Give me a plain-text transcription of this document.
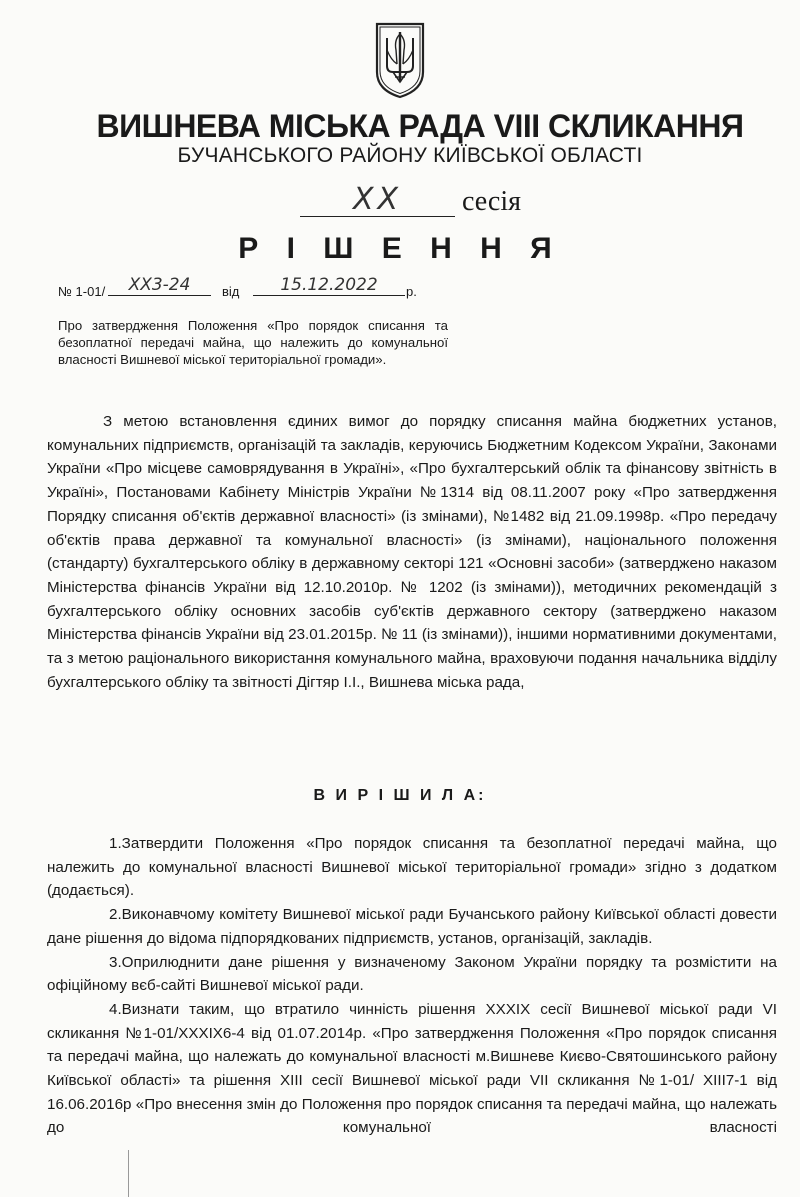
ВИШНЕВА МІСЬКА РАДА VIII СКЛИКАННЯ
БУЧАНСЬКОГО РАЙОНУ КИЇВСЬКОЇ ОБЛАСТІ
XX	сесія
Р І Ш Е Н Н Я
№ 1-01/	XX3-24	від	15.12.2022	р.
Про затвердження Положення «Про порядок списання та безоплатної передачі майна, що належить до комунальної власності Вишневої міської територіальної громади».

З метою встановлення єдиних вимог до порядку списання майна бюджетних установ, комунальних підприємств, організацій та закладів, керуючись Бюджетним Кодексом України, Законами України «Про місцеве самоврядування в Україні», «Про бухгалтерський облік та фінансову звітність в Україні», Постановами Кабінету Міністрів України №1314 від 08.11.2007 року «Про затвердження Порядку списання об'єктів державної власності» (із змінами), №1482 від 21.09.1998р. «Про передачу об'єктів права державної та комунальної власності» (із змінами), національного положення (стандарту) бухгалтерського обліку в державному секторі 121 «Основні засоби» (затверджено наказом Міністерства фінансів України від 12.10.2010р. № 1202 (із змінами)), методичних рекомендацій з бухгалтерського обліку основних засобів суб'єктів державного сектору (затверджено наказом Міністерства фінансів України від 23.01.2015р. № 11 (із змінами)), іншими нормативними документами, та з метою раціонального використання комунального майна, враховуючи подання начальника відділу бухгалтерського обліку та звітності Дігтяр І.І., Вишнева міська рада,

В И Р І Ш И Л А:

1.Затвердити Положення «Про порядок списання та безоплатної передачі майна, що належить до комунальної власності Вишневої міської територіальної громади» згідно з додатком (додається).

2.Виконавчому комітету Вишневої міської ради Бучанського району Київської області довести дане рішення до відома підпорядкованих підприємств, установ, організацій, закладів.

3.Оприлюднити дане рішення у визначеному Законом України порядку та розмістити на офіційному вєб-сайті Вишневої міської ради.

4.Визнати таким, що втратило чинність рішення XXXIX сесії Вишневої міської ради VI скликання №1-01/XXXIX6-4 від 01.07.2014р. «Про затвердження Положення «Про порядок списання та передачі майна, що належать до комунальної власності м.Вишневе Києво-Святошинського району Київської області» та рішення XIII сесії Вишневої міської ради VII скликання №1-01/ XIII7-1 від 16.06.2016р «Про внесення змін до Положення про порядок списання та передачі майна, що належать до комунальної власності
